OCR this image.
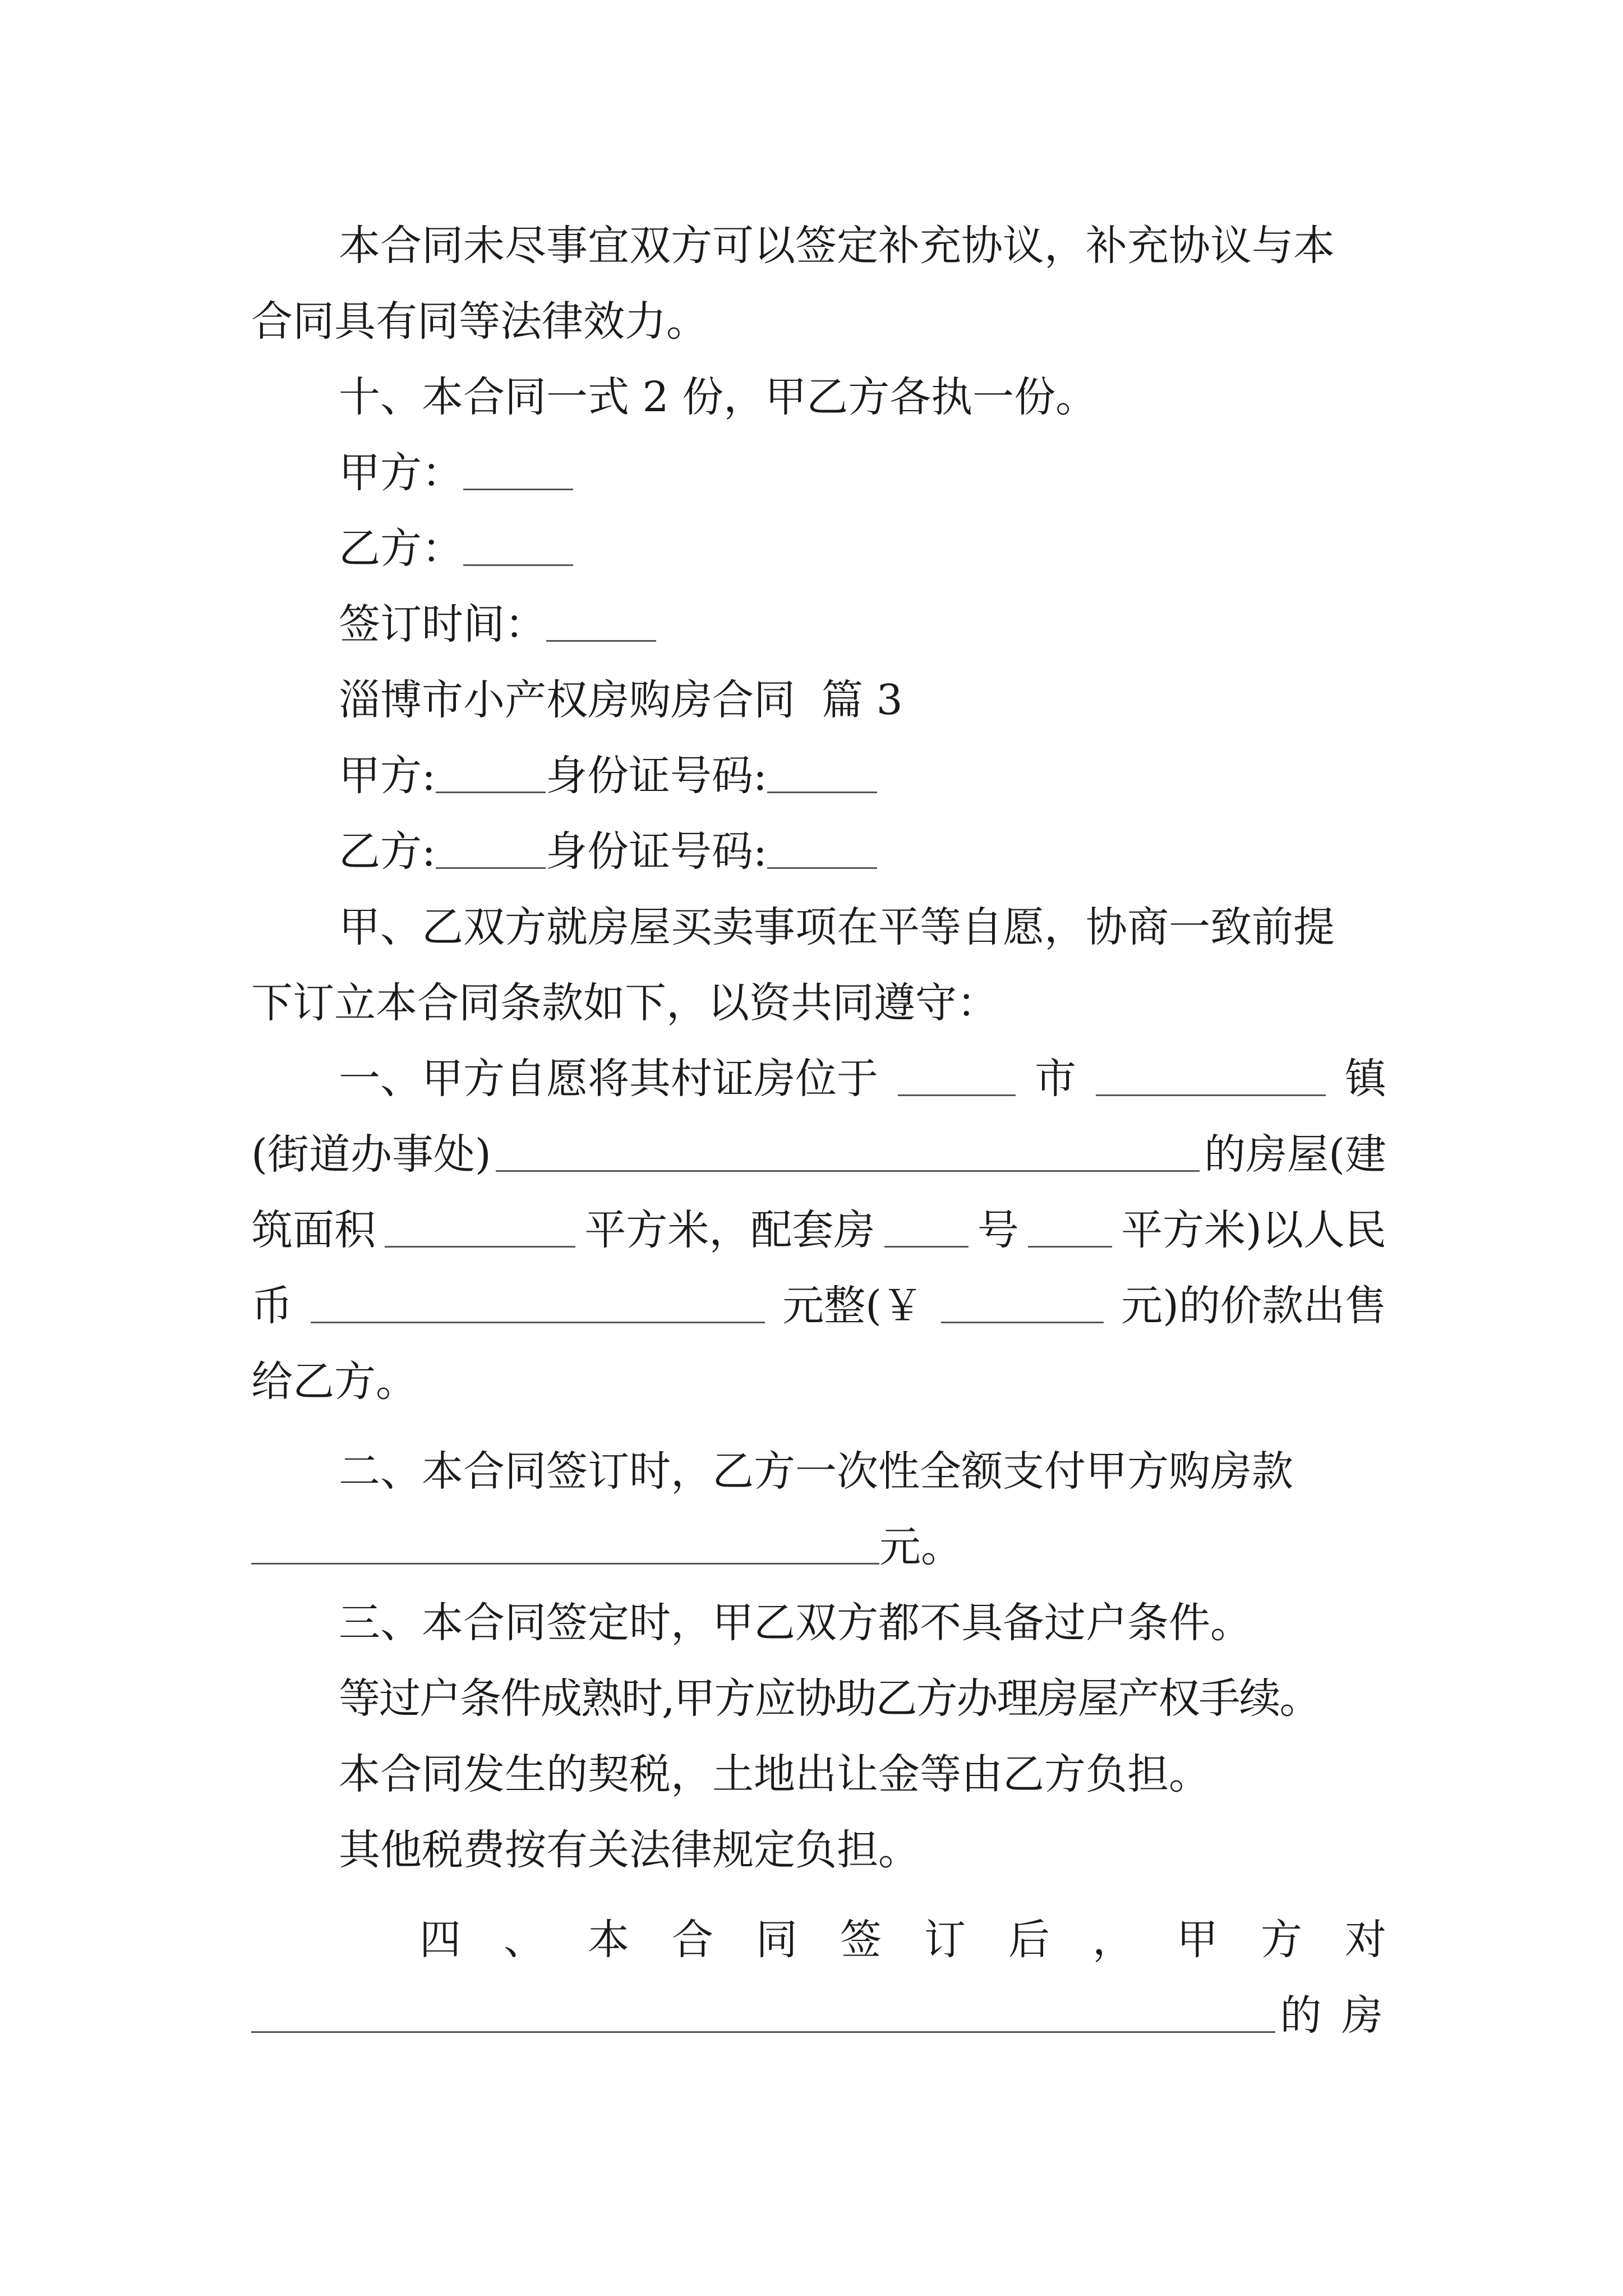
本合同未尽事宜双方可以签定补充协议，补充协议与本
合同具有同等法律效力。
十、本合同一式 2 份，甲乙方各执一份。
甲方：
乙方：
签订时间：
淄博市小产权房购房合同  篇 3
甲方:	身份证号码:
乙方:	身份证号码:
甲、乙双方就房屋买卖事项在平等自愿，协商一致前提
下订立本合同条款如下，以资共同遵守：
一、甲方自愿将其村证房位于	市	镇
(街道办事处)	的房屋(建
筑面积	平方米，配套房 号 平方米)以人民
币	元整(￥	元)的价款出售
给乙方。
二、本合同签订时，乙方一次性全额支付甲方购房款
元。
三、本合同签定时，甲乙双方都不具备过户条件。
等过户条件成熟时,甲方应协助乙方办理房屋产权手续。
本合同发生的契税，土地出让金等由乙方负担。
其他税费按有关法律规定负担。
四 、 本 合 同 签 订 后 ， 甲 方 对
的 房
